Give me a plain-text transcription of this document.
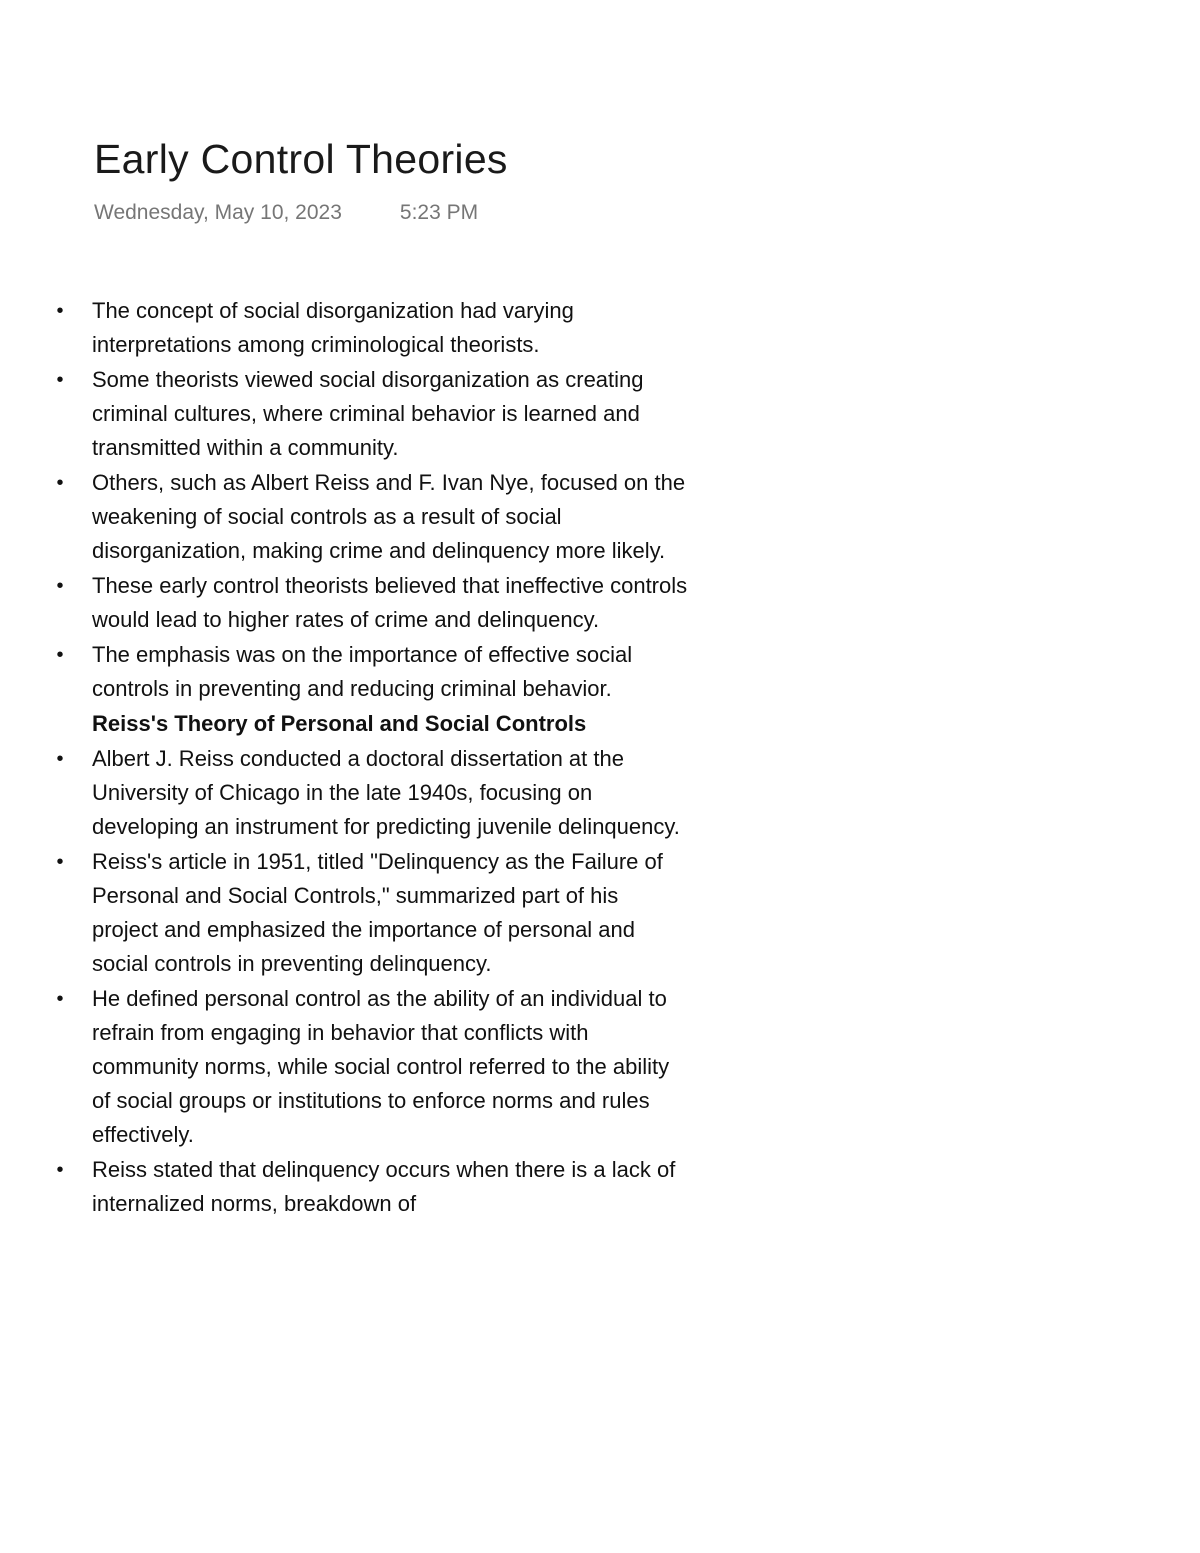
Early Control Theories
Wednesday, May 10, 2023	5:23 PM
• The concept of social disorganization had varying interpretations among criminological theorists.
• Some theorists viewed social disorganization as creating criminal cultures, where criminal behavior is learned and transmitted within a community.
• Others, such as Albert Reiss and F. Ivan Nye, focused on the weakening of social controls as a result of social disorganization, making crime and delinquency more likely.
• These early control theorists believed that ineffective controls would lead to higher rates of crime and delinquency.
• The emphasis was on the importance of effective social controls in preventing and reducing criminal behavior.
Reiss's Theory of Personal and Social Controls
• Albert J. Reiss conducted a doctoral dissertation at the University of Chicago in the late 1940s, focusing on developing an instrument for predicting juvenile delinquency.
• Reiss's article in 1951, titled "Delinquency as the Failure of Personal and Social Controls," summarized part of his project and emphasized the importance of personal and social controls in preventing delinquency.
• He defined personal control as the ability of an individual to refrain from engaging in behavior that conflicts with community norms, while social control referred to the ability of social groups or institutions to enforce norms and rules effectively.
• Reiss stated that delinquency occurs when there is a lack of internalized norms, breakdown of
